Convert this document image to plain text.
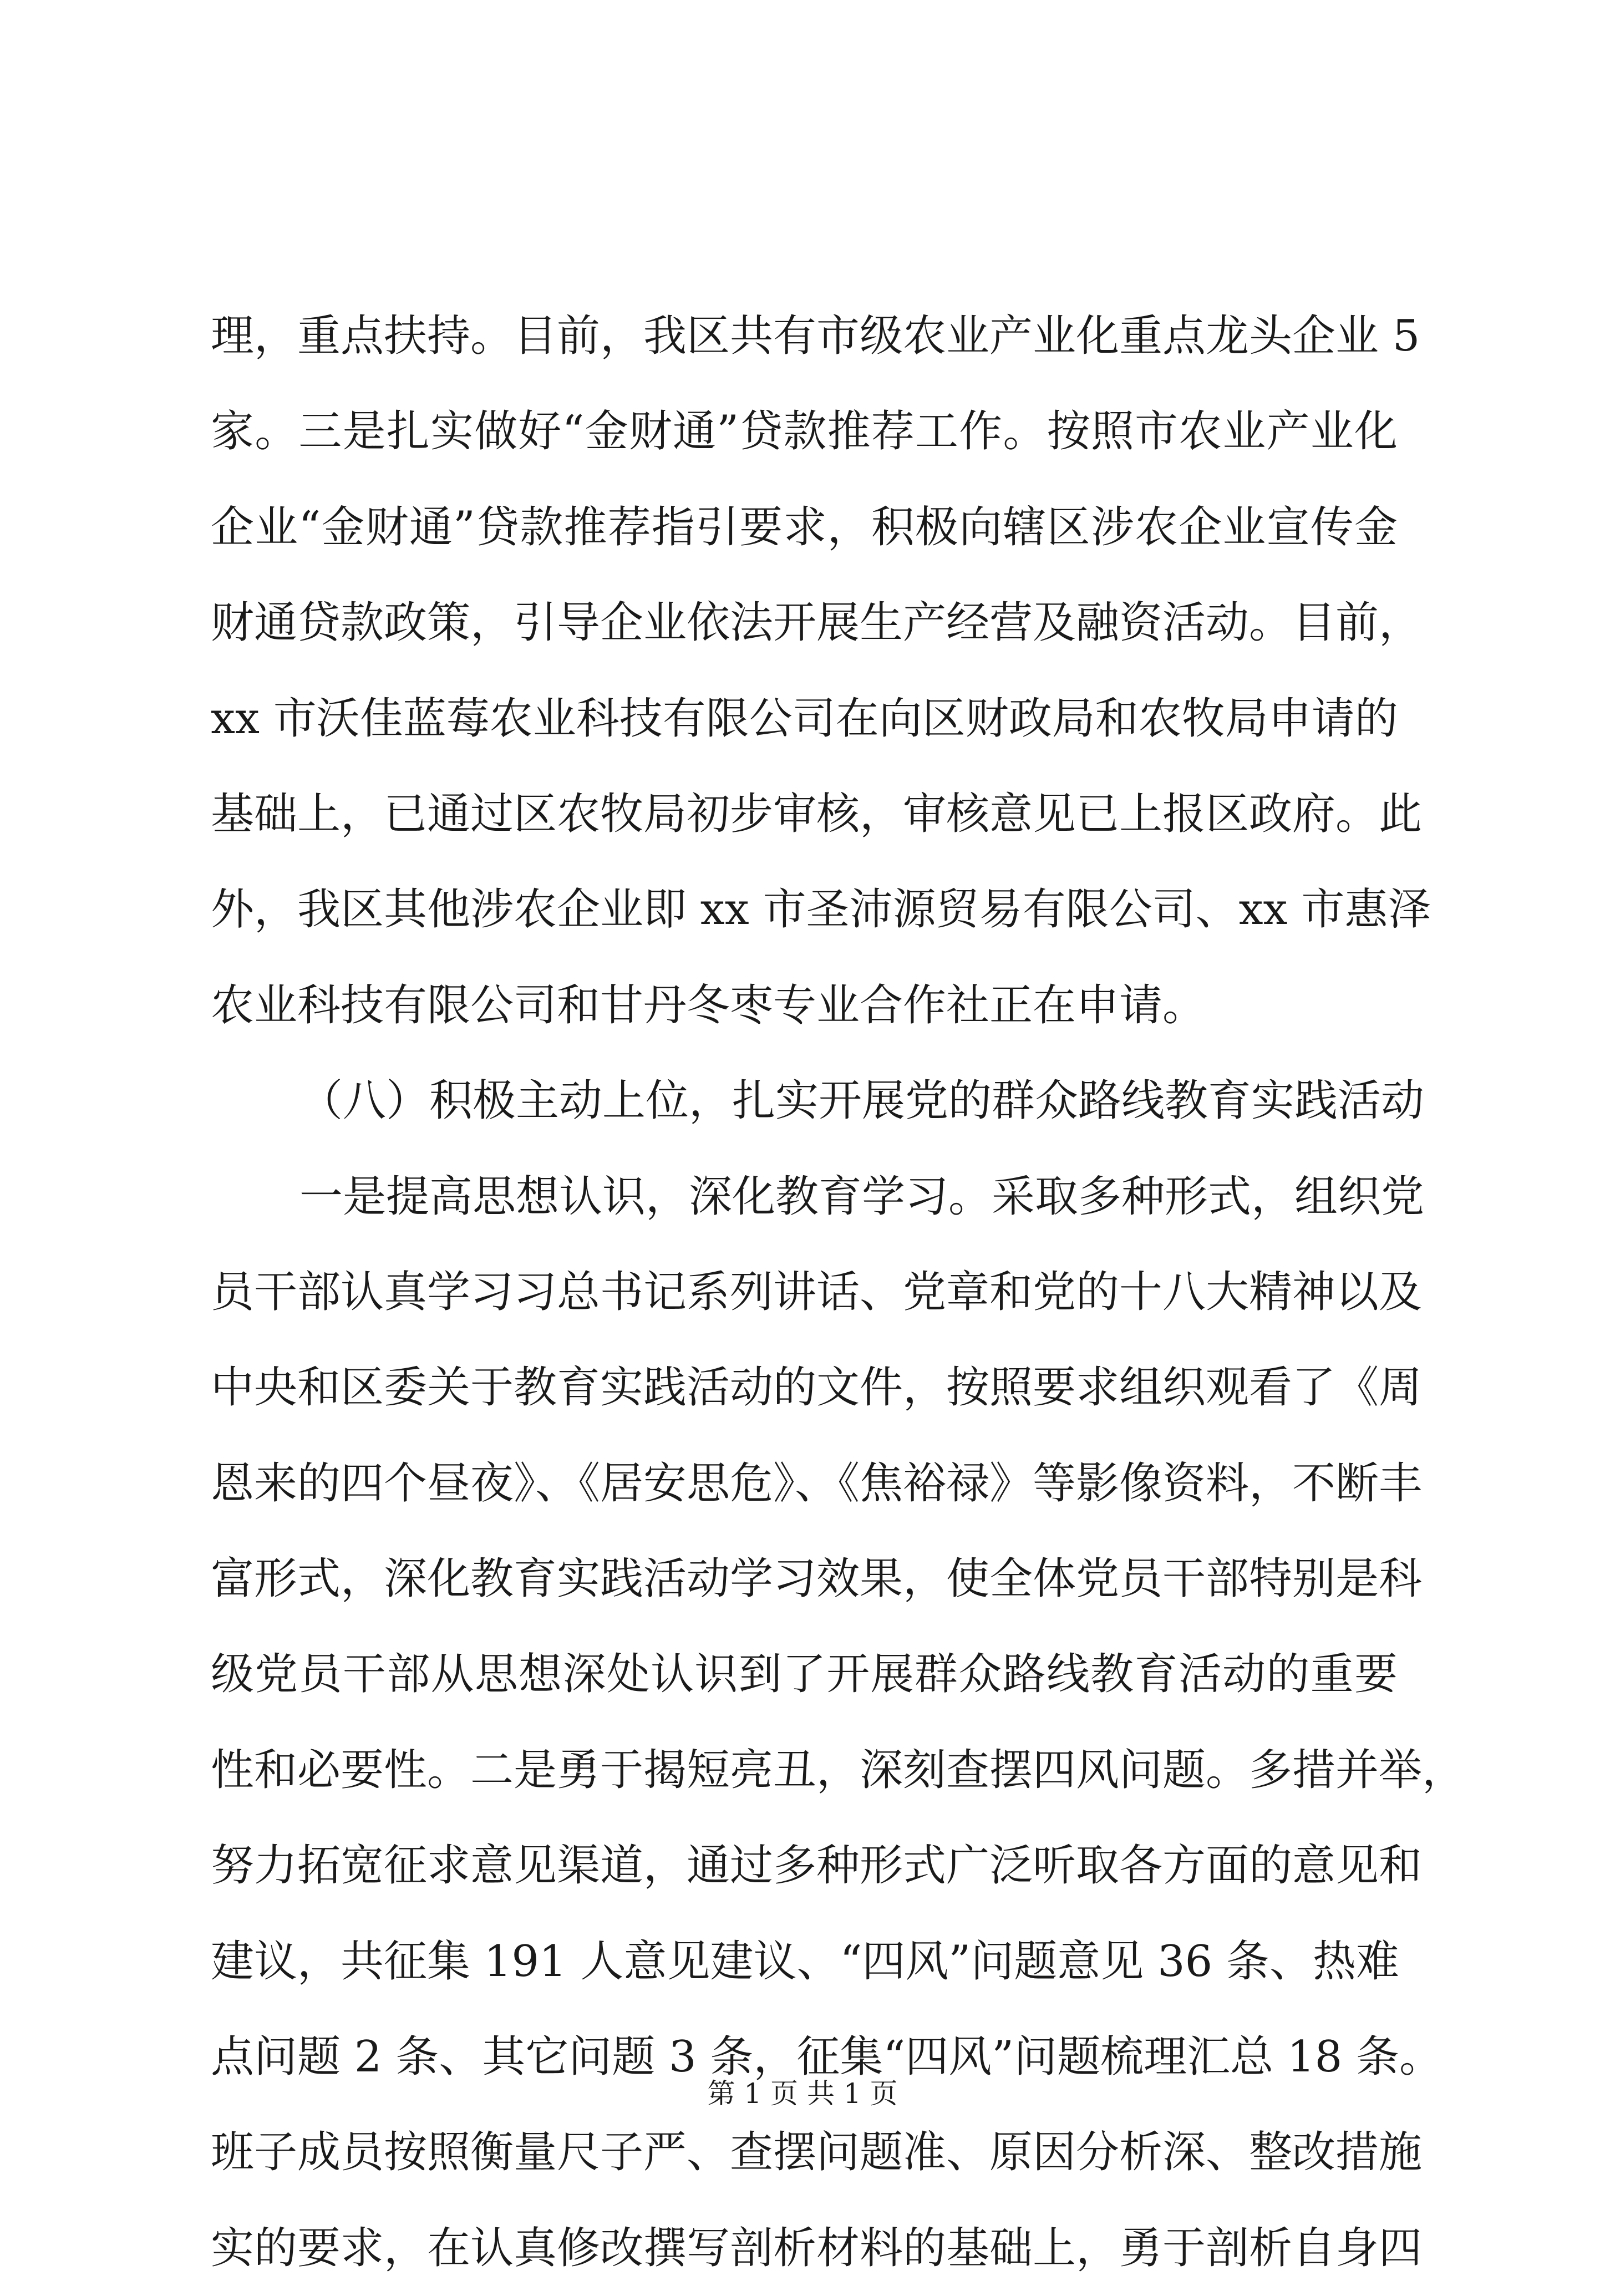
理，重点扶持。目前，我区共有市级农业产业化重点龙头企业 5
家。三是扎实做好“金财通”贷款推荐工作。按照市农业产业化
企业“金财通”贷款推荐指引要求，积极向辖区涉农企业宣传金
财通贷款政策，引导企业依法开展生产经营及融资活动。目前，
xx 市沃佳蓝莓农业科技有限公司在向区财政局和农牧局申请的
基础上，已通过区农牧局初步审核，审核意见已上报区政府。此
外，我区其他涉农企业即 xx 市圣沛源贸易有限公司、xx 市惠泽
农业科技有限公司和甘丹冬枣专业合作社正在申请。
（八）积极主动上位，扎实开展党的群众路线教育实践活动
一是提高思想认识，深化教育学习。采取多种形式，组织党
员干部认真学习习总书记系列讲话、党章和党的十八大精神以及
中央和区委关于教育实践活动的文件，按照要求组织观看了《周
恩来的四个昼夜》、《居安思危》、《焦裕禄》等影像资料，不断丰
富形式，深化教育实践活动学习效果，使全体党员干部特别是科
级党员干部从思想深处认识到了开展群众路线教育活动的重要
性和必要性。二是勇于揭短亮丑，深刻查摆四风问题。多措并举，
努力拓宽征求意见渠道，通过多种形式广泛听取各方面的意见和
建议，共征集 191 人意见建议、“四风”问题意见 36 条、热难
点问题 2 条、其它问题 3 条，征集“四风”问题梳理汇总 18 条。
班子成员按照衡量尺子严、查摆问题准、原因分析深、整改措施
实的要求，在认真修改撰写剖析材料的基础上，勇于剖析自身四
第 1 页 共 1 页
